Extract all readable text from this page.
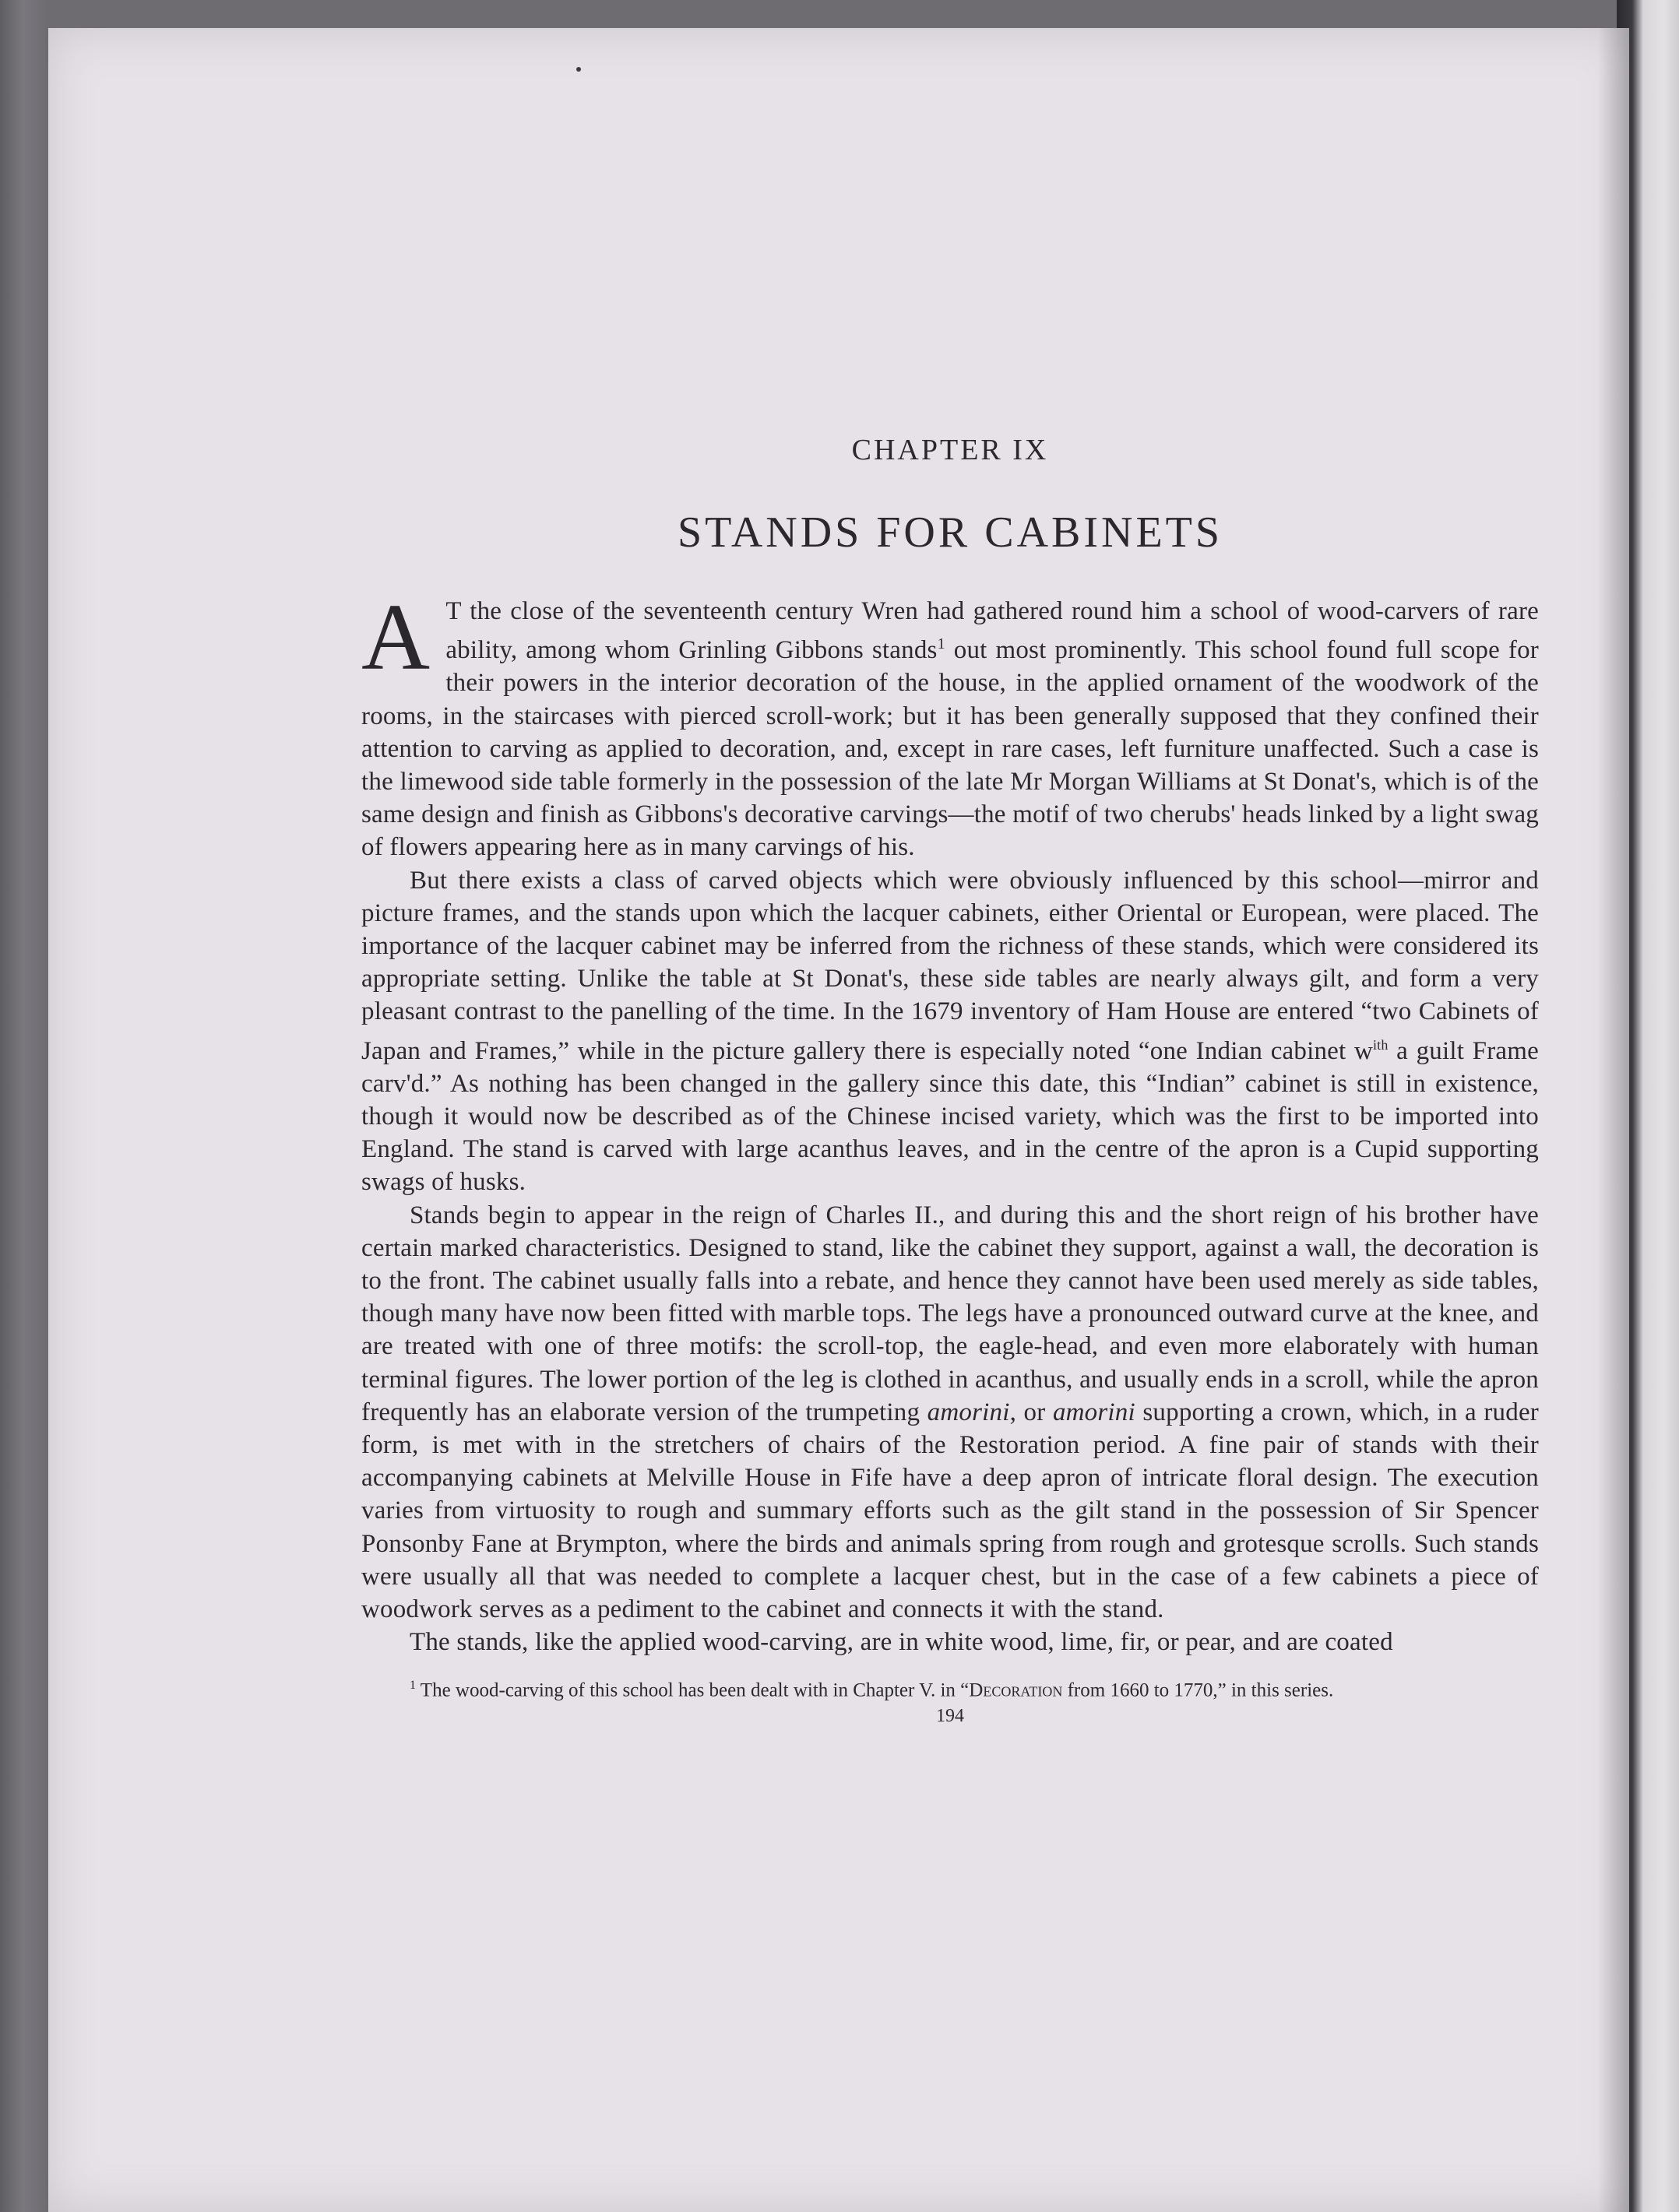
CHAPTER IX
STANDS FOR CABINETS

A T the close of the seventeenth century Wren had gathered round him a school of wood-carvers of rare ability, among whom Grinling Gibbons stands$^1$ out most prominently. This school found full scope for their powers in the interior decoration of the house, in the applied ornament of the woodwork of the rooms, in the staircases with pierced scroll-work; but it has been generally supposed that they confined their attention to carving as applied to decoration, and, except in rare cases, left furniture unaffected. Such a case is the limewood side table formerly in the possession of the late Mr Morgan Williams at St Donat's, which is of the same design and finish as Gibbons's decorative carvings—the motif of two cherubs' heads linked by a light swag of flowers appearing here as in many carvings of his.

But there exists a class of carved objects which were obviously influenced by this school—mirror and picture frames, and the stands upon which the lacquer cabinets, either Oriental or European, were placed. The importance of the lacquer cabinet may be inferred from the richness of these stands, which were considered its appropriate setting. Unlike the table at St Donat's, these side tables are nearly always gilt, and form a very pleasant contrast to the panelling of the time. In the 1679 inventory of Ham House are entered “two Cabinets of Japan and Frames,” while in the picture gallery there is especially noted “one Indian cabinet $w^{ith}$ a guilt Frame carv'd.” As nothing has been changed in the gallery since this date, this “Indian” cabinet is still in existence, though it would now be described as of the Chinese incised variety, which was the first to be imported into England. The stand is carved with large acanthus leaves, and in the centre of the apron is a Cupid supporting swags of husks.

Stands begin to appear in the reign of Charles II., and during this and the short reign of his brother have certain marked characteristics. Designed to stand, like the cabinet they support, against a wall, the decoration is to the front. The cabinet usually falls into a rebate, and hence they cannot have been used merely as side tables, though many have now been fitted with marble tops. The legs have a pronounced outward curve at the knee, and are treated with one of three motifs: the scroll-top, the eagle-head, and even more elaborately with human terminal figures. The lower portion of the leg is clothed in acanthus, and usually ends in a scroll, while the apron frequently has an elaborate version of the trumpeting amorini, or amorini supporting a crown, which, in a ruder form, is met with in the stretchers of chairs of the Restoration period. A fine pair of stands with their accompanying cabinets at Melville House in Fife have a deep apron of intricate floral design. The execution varies from virtuosity to rough and summary efforts such as the gilt stand in the possession of Sir Spencer Ponsonby Fane at Brympton, where the birds and animals spring from rough and grotesque scrolls. Such stands were usually all that was needed to complete a lacquer chest, but in the case of a few cabinets a piece of woodwork serves as a pediment to the cabinet and connects it with the stand.

The stands, like the applied wood-carving, are in white wood, lime, fir, or pear, and are coated

$^1$ The wood-carving of this school has been dealt with in Chapter V. in “Decoration from 1660 to 1770,” in this series.
194
